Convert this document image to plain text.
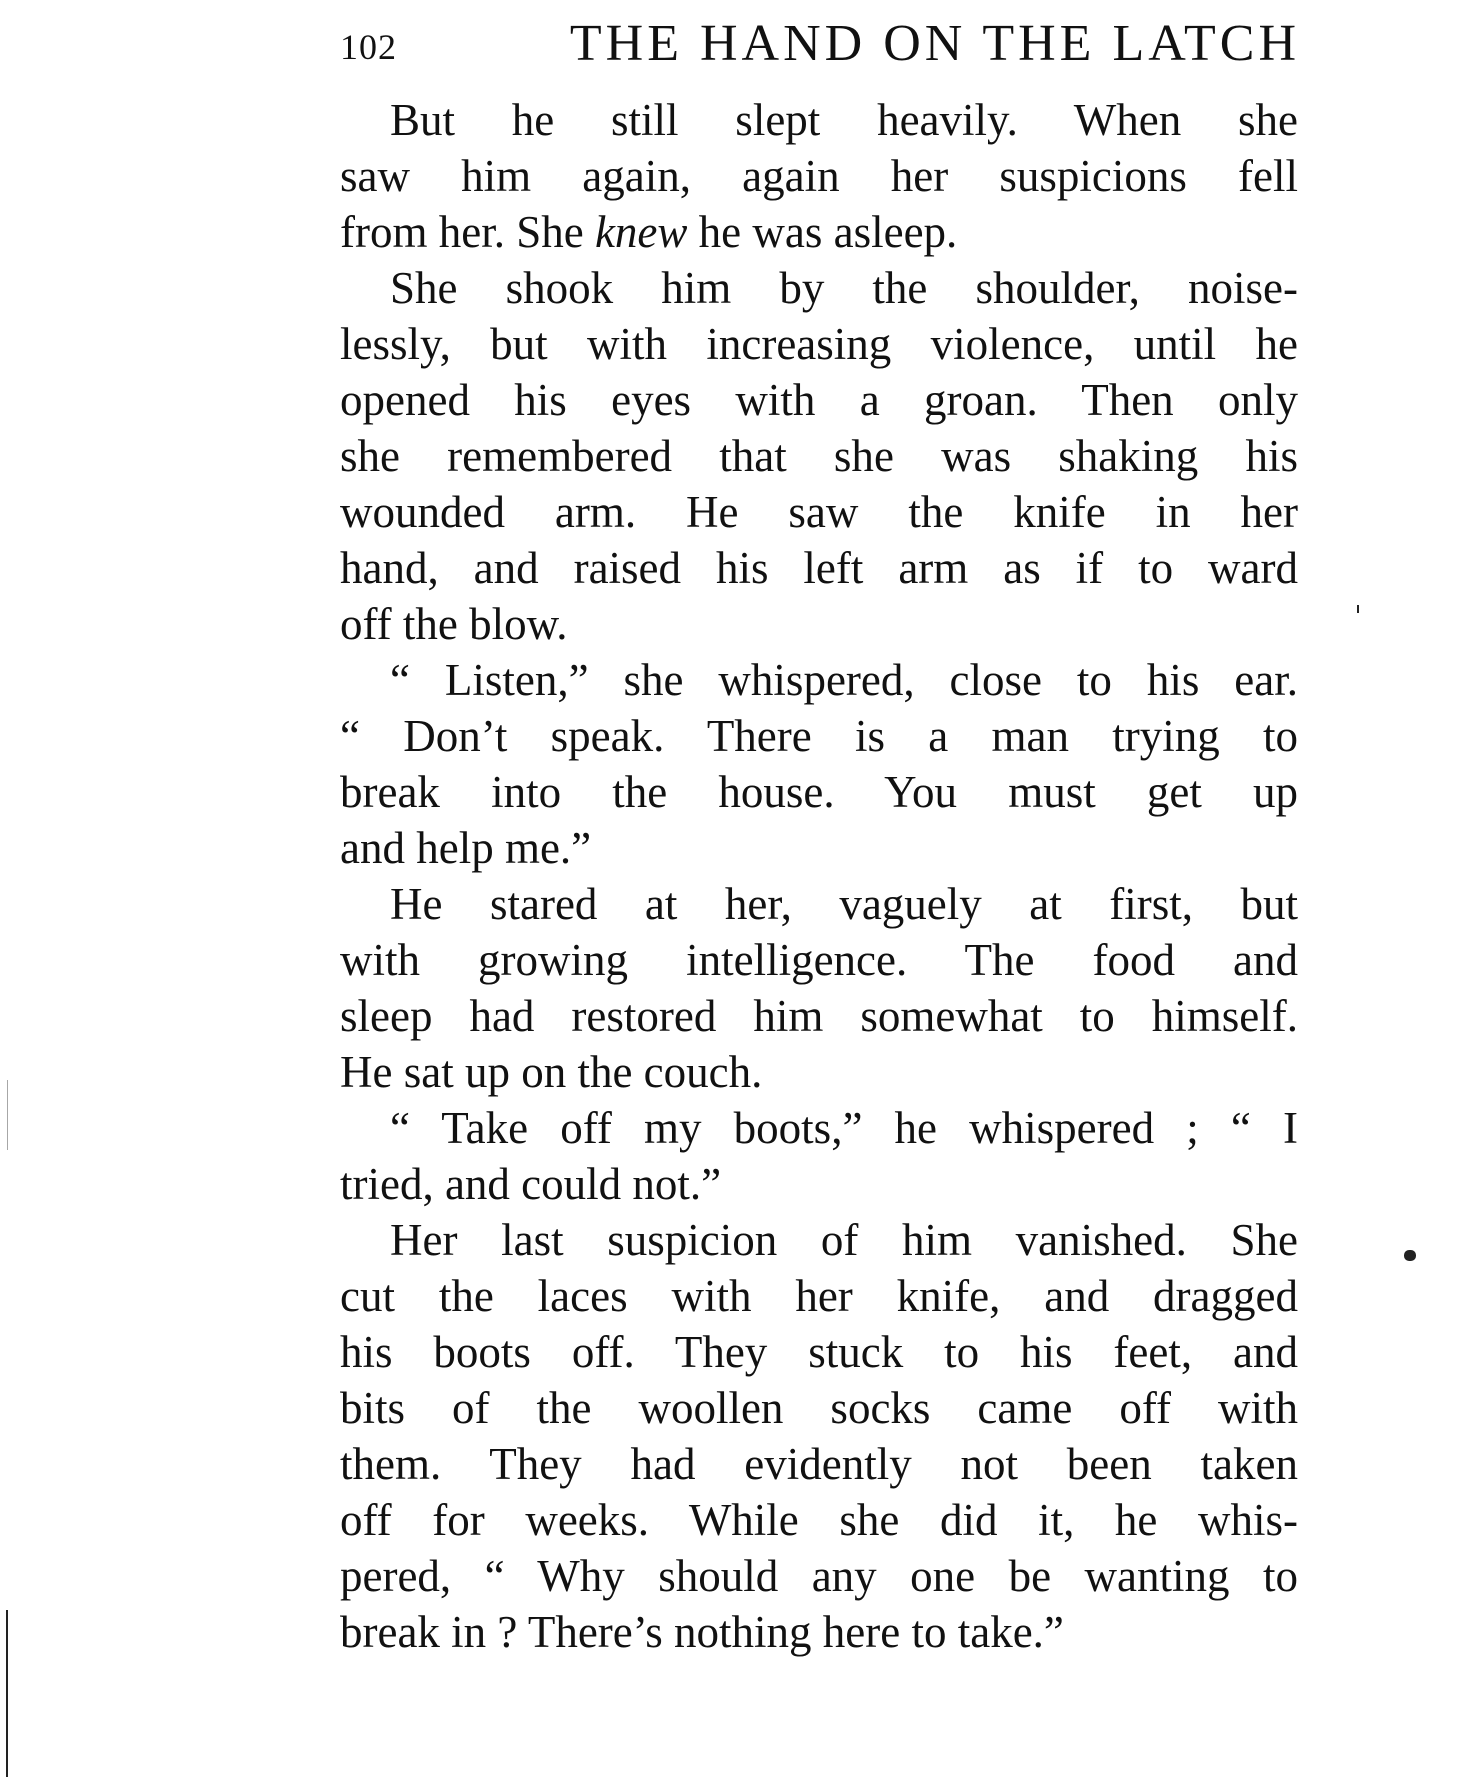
102	THE HAND ON THE LATCH
But he still slept heavily. When she
saw him again, again her suspicions fell
from her. She knew he was asleep.
She shook him by the shoulder, noise-
lessly, but with increasing violence, until he
opened his eyes with a groan. Then only
she remembered that she was shaking his
wounded arm. He saw the knife in her
hand, and raised his left arm as if to ward
off the blow.
“ Listen,” she whispered, close to his ear.
“ Don’t speak. There is a man trying to
break into the house. You must get up
and help me.”
He stared at her, vaguely at first, but
with growing intelligence. The food and
sleep had restored him somewhat to himself.
He sat up on the couch.
“ Take off my boots,” he whispered ; “ I
tried, and could not.”
Her last suspicion of him vanished. She
cut the laces with her knife, and dragged
his boots off. They stuck to his feet, and
bits of the woollen socks came off with
them. They had evidently not been taken
off for weeks. While she did it, he whis-
pered, “ Why should any one be wanting to
break in ? There’s nothing here to take.”
